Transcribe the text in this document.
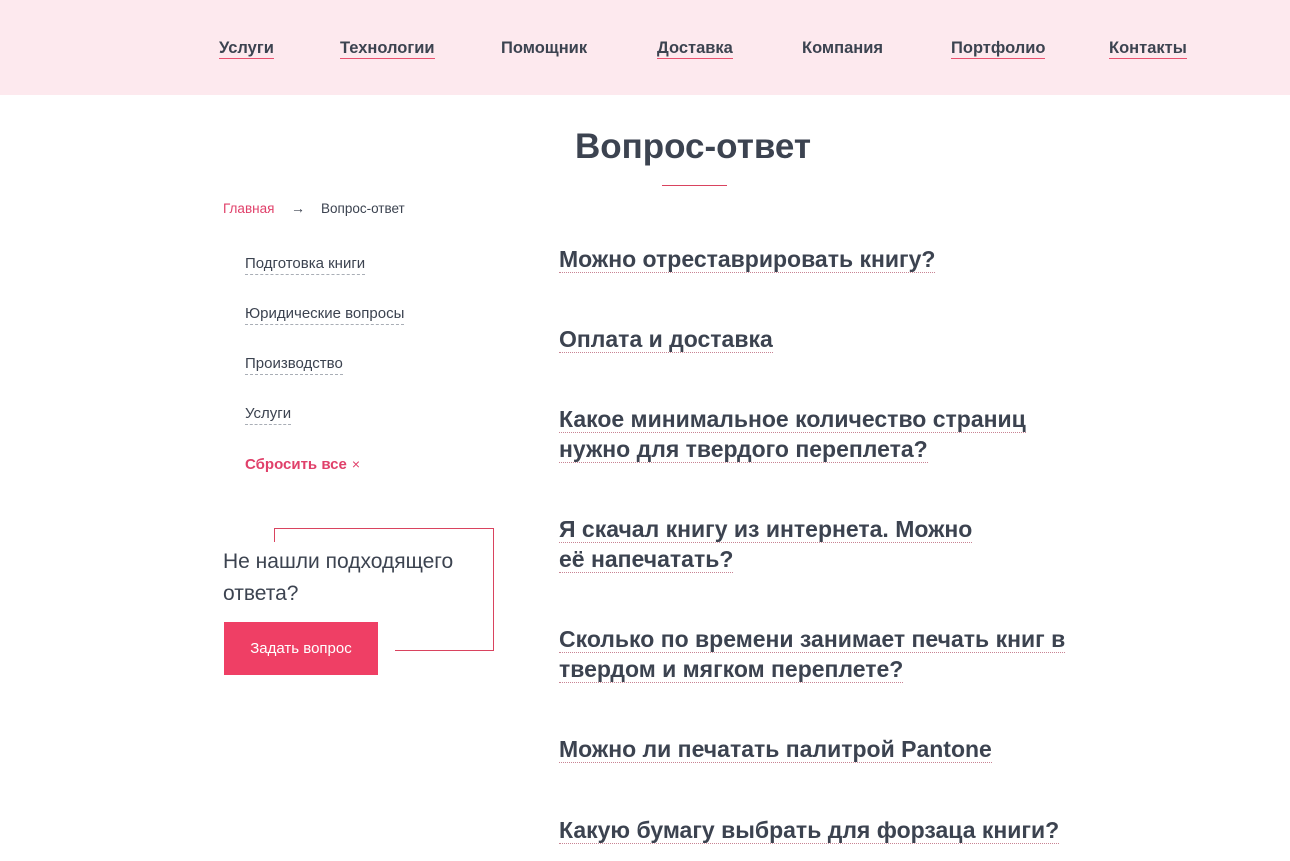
Услуги	Технологии	Помощник	Доставка	Компания	Портфолио	Контакты
Вопрос-ответ
Главная → Вопрос-ответ
Подготовка книги
Юридические вопросы
Производство
Услуги
Сбросить все ×
Не нашли подходящего
ответа?
Задать вопрос
Можно отреставрировать книгу?
Оплата и доставка
Какое минимальное количество страниц
нужно для твердого переплета?
Я скачал книгу из интернета. Можно
её напечатать?
Сколько по времени занимает печать книг в
твердом и мягком переплете?
Можно ли печатать палитрой Pantone
Какую бумагу выбрать для форзаца книги?
